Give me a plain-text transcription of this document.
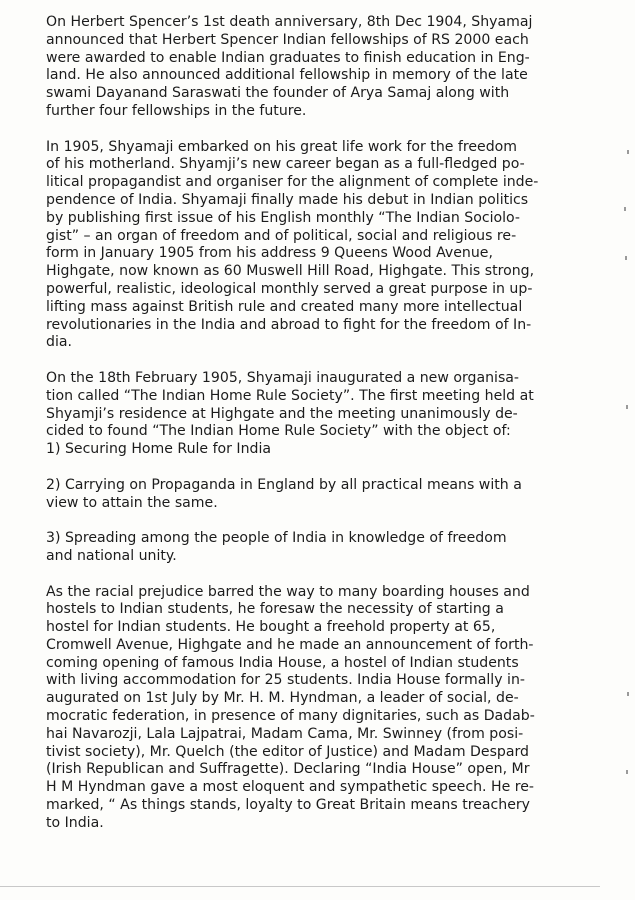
On Herbert Spencer’s 1st death anniversary, 8th Dec 1904, Shyamaj
announced that Herbert Spencer Indian fellowships of RS 2000 each
were awarded to enable Indian graduates to finish education in Eng-
land. He also announced additional fellowship in memory of the late
swami Dayanand Saraswati the founder of Arya Samaj along with
further four fellowships in the future.

In 1905, Shyamaji embarked on his great life work for the freedom
of his motherland. Shyamji’s new career began as a full-fledged po-
litical propagandist and organiser for the alignment of complete inde-
pendence of India. Shyamaji finally made his debut in Indian politics
by publishing first issue of his English monthly “The Indian Sociolo-
gist” – an organ of freedom and of political, social and religious re-
form in January 1905 from his address 9 Queens Wood Avenue,
Highgate, now known as 60 Muswell Hill Road, Highgate. This strong,
powerful, realistic, ideological monthly served a great purpose in up-
lifting mass against British rule and created many more intellectual
revolutionaries in the India and abroad to fight for the freedom of In-
dia.

On the 18th February 1905, Shyamaji inaugurated a new organisa-
tion called “The Indian Home Rule Society”. The first meeting held at
Shyamji’s residence at Highgate and the meeting unanimously de-
cided to found “The Indian Home Rule Society” with the object of:
1) Securing Home Rule for India

2) Carrying on Propaganda in England by all practical means with a
view to attain the same.

3) Spreading among the people of India in knowledge of freedom
and national unity.

As the racial prejudice barred the way to many boarding houses and
hostels to Indian students, he foresaw the necessity of starting a
hostel for Indian students. He bought a freehold property at 65,
Cromwell Avenue, Highgate and he made an announcement of forth-
coming opening of famous India House, a hostel of Indian students
with living accommodation for 25 students. India House formally in-
augurated on 1st July by Mr. H. M. Hyndman, a leader of social, de-
mocratic federation, in presence of many dignitaries, such as Dadab-
hai Navarozji, Lala Lajpatrai, Madam Cama, Mr. Swinney (from posi-
tivist society), Mr. Quelch (the editor of Justice) and Madam Despard
(Irish Republican and Suffragette). Declaring “India House” open, Mr
H M Hyndman gave a most eloquent and sympathetic speech. He re-
marked, “ As things stands, loyalty to Great Britain means treachery
to India.
